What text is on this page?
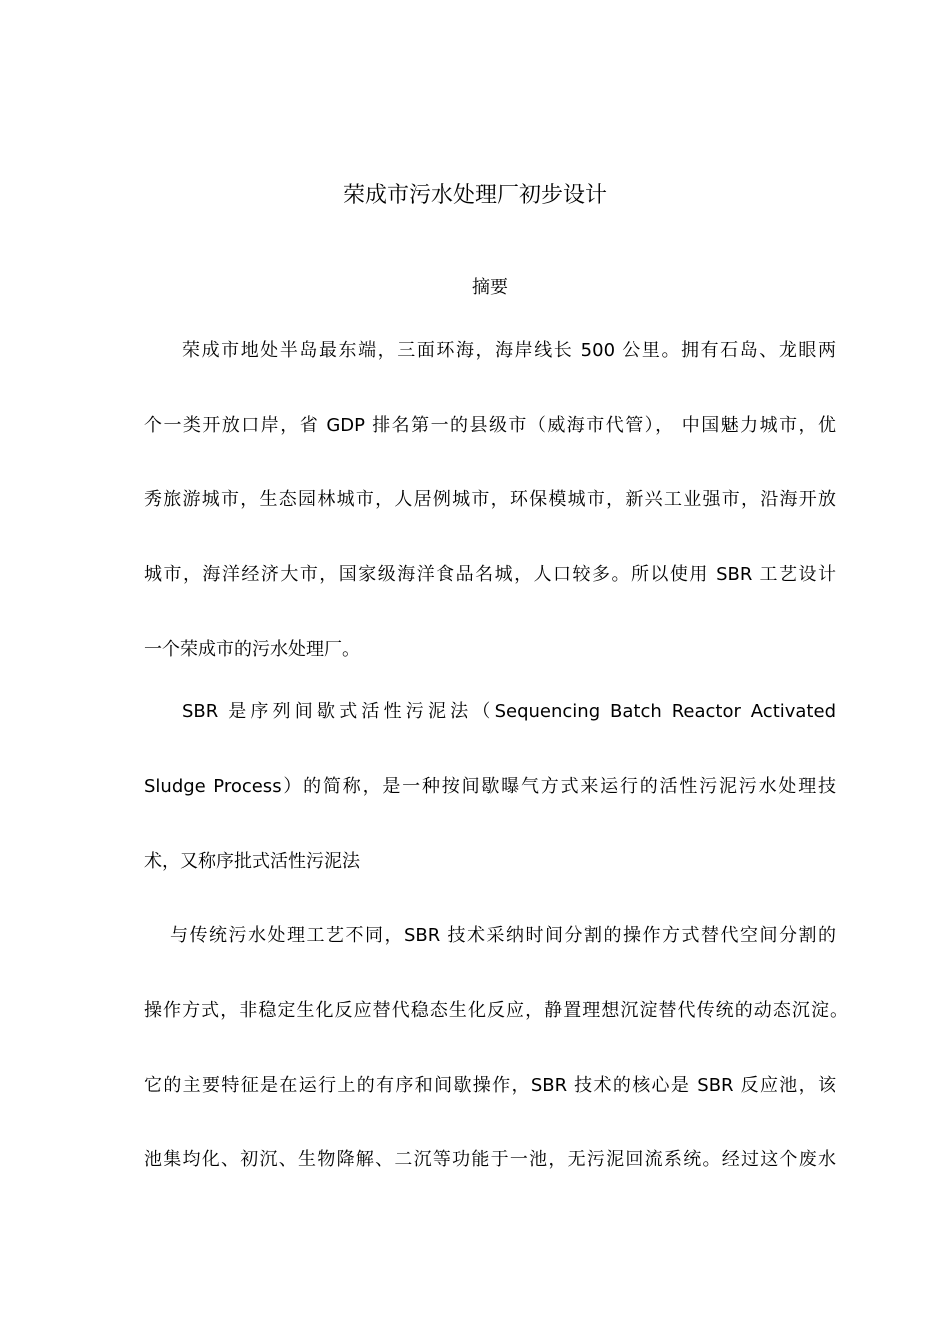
荣成市污水处理厂初步设计
摘要
荣成市地处半岛最东端，三面环海，海岸线长 500 公里。拥有石岛、龙眼两
个一类开放口岸，省 GDP 排名第一的县级市（威海市代管）， 中国魅力城市，优
秀旅游城市，生态园林城市，人居例城市，环保模城市，新兴工业强市，沿海开放
城市，海洋经济大市，国家级海洋食品名城，人口较多。所以使用 SBR 工艺设计
一个荣成市的污水处理厂。
SBR 是序列间歇式活性污泥法（Sequencing Batch Reactor Activated
Sludge Process）的简称，是一种按间歇曝气方式来运行的活性污泥污水处理技
术，又称序批式活性污泥法
与传统污水处理工艺不同，SBR 技术采纳时间分割的操作方式替代空间分割的
操作方式，非稳定生化反应替代稳态生化反应，静置理想沉淀替代传统的动态沉淀。
它的主要特征是在运行上的有序和间歇操作，SBR 技术的核心是 SBR 反应池，该
池集均化、初沉、生物降解、二沉等功能于一池，无污泥回流系统。经过这个废水
